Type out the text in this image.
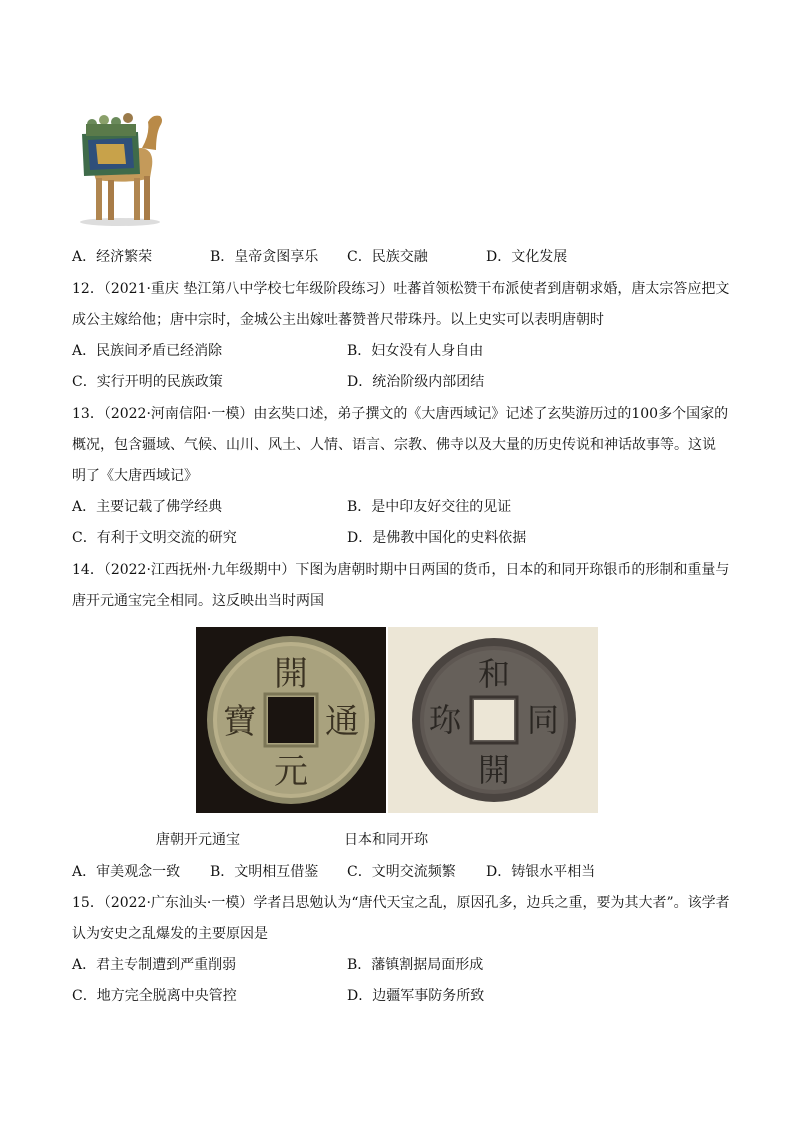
A．经济繁荣	B．皇帝贪图享乐 C．民族交融	D．文化发展
12．（2021·重庆 垫江第八中学校七年级阶段练习）吐蕃首领松赞干布派使者到唐朝求婚，唐太宗答应把文
成公主嫁给他；唐中宗时，金城公主出嫁吐蕃赞普尺带珠丹。以上史实可以表明唐朝时
A．民族间矛盾已经消除	B．妇女没有人身自由
C．实行开明的民族政策	D．统治阶级内部团结
13．（2022·河南信阳·一模）由玄奘口述，弟子撰文的《大唐西域记》记述了玄奘游历过的100多个国家的
概况，包含疆域、气候、山川、风土、人情、语言、宗教、佛寺以及大量的历史传说和神话故事等。这说
明了《大唐西域记》
A．主要记载了佛学经典	B．是中印友好交往的见证
C．有利于文明交流的研究	D．是佛教中国化的史料依据
14．（2022·江西抚州·九年级期中）下图为唐朝时期中日两国的货币，日本的和同开珎银币的形制和重量与
唐开元通宝完全相同。这反映出当时两国
開
通
元
寶
和
同
開
珎
唐朝开元通宝	日本和同开珎
A．审美观念一致 B．文明相互借鉴 C．文明交流频繁 D．铸银水平相当
15．（2022·广东汕头·一模）学者吕思勉认为“唐代天宝之乱，原因孔多，边兵之重，要为其大者”。该学者
认为安史之乱爆发的主要原因是
A．君主专制遭到严重削弱	B．藩镇割据局面形成
C．地方完全脱离中央管控	D．边疆军事防务所致
